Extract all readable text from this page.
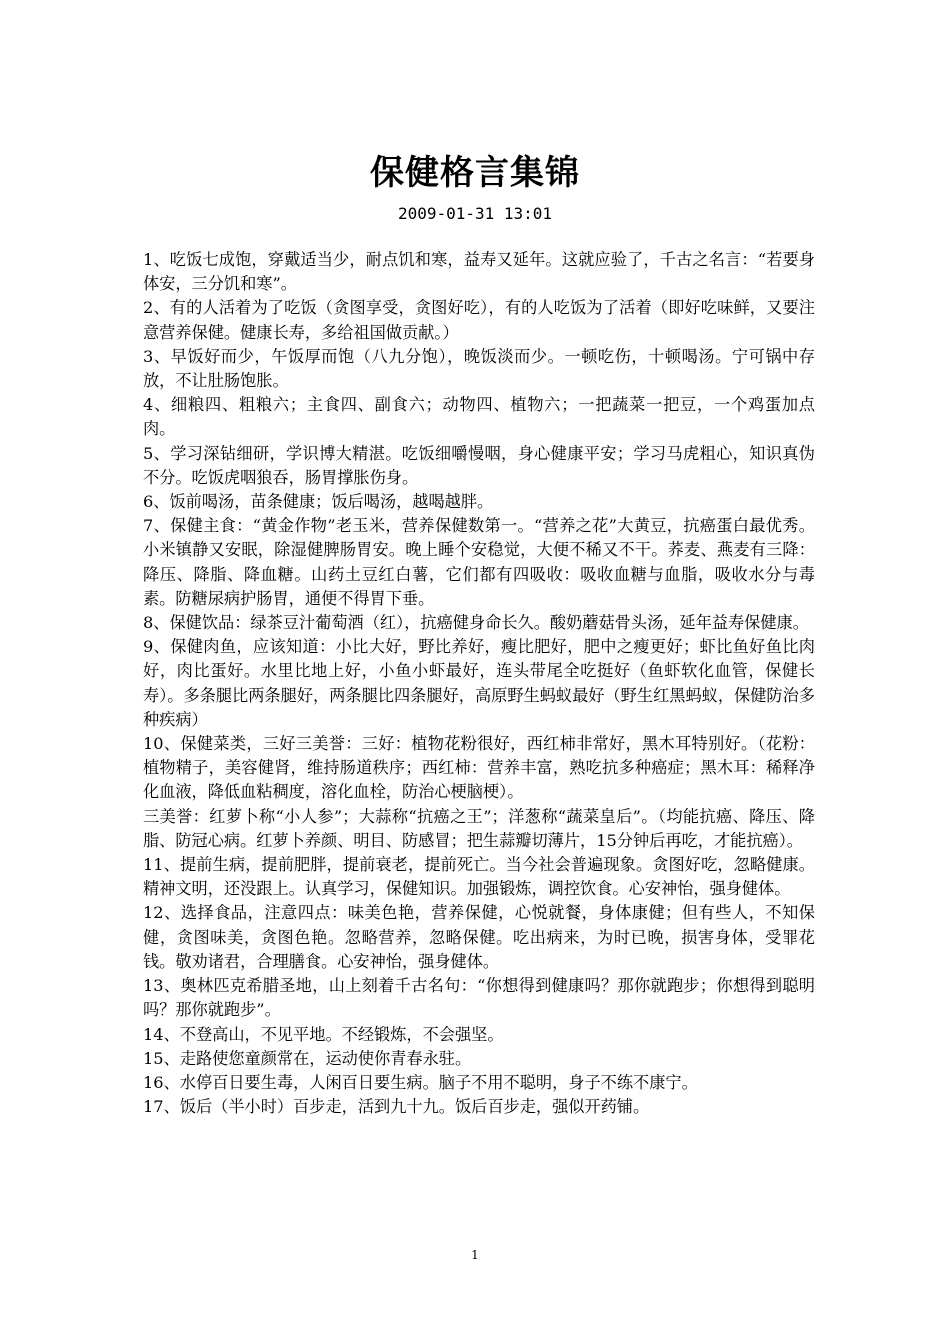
保健格言集锦
2009-01-31 13:01

1、吃饭七成饱，穿戴适当少，耐点饥和寒，益寿又延年。这就应验了，千古之名言：“若要身体安，三分饥和寒”。

2、有的人活着为了吃饭（贪图享受，贪图好吃），有的人吃饭为了活着（即好吃味鲜，又要注意营养保健。健康长寿，多给祖国做贡献。）

3、早饭好而少，午饭厚而饱（八九分饱），晚饭淡而少。一顿吃伤，十顿喝汤。宁可锅中存放，不让肚肠饱胀。

4、细粮四、粗粮六；主食四、副食六；动物四、植物六；一把蔬菜一把豆，一个鸡蛋加点肉。

5、学习深钻细研，学识博大精湛。吃饭细嚼慢咽，身心健康平安；学习马虎粗心，知识真伪不分。吃饭虎咽狼吞，肠胃撑胀伤身。

6、饭前喝汤，苗条健康；饭后喝汤，越喝越胖。

7、保健主食：“黄金作物”老玉米，营养保健数第一。“营养之花”大黄豆，抗癌蛋白最优秀。小米镇静又安眠，除湿健脾肠胃安。晚上睡个安稳觉，大便不稀又不干。荞麦、燕麦有三降：降压、降脂、降血糖。山药土豆红白薯，它们都有四吸收：吸收血糖与血脂，吸收水分与毒素。防糖尿病护肠胃，通便不得胃下垂。

8、保健饮品：绿茶豆汁葡萄酒（红），抗癌健身命长久。酸奶蘑菇骨头汤，延年益寿保健康。

9、保健肉鱼，应该知道：小比大好，野比养好，瘦比肥好，肥中之瘦更好；虾比鱼好鱼比肉好，肉比蛋好。水里比地上好，小鱼小虾最好，连头带尾全吃挺好（鱼虾软化血管，保健长寿）。多条腿比两条腿好，两条腿比四条腿好，高原野生蚂蚁最好（野生红黑蚂蚁，保健防治多种疾病）

10、保健菜类，三好三美誉：三好：植物花粉很好，西红柿非常好，黑木耳特别好。（花粉：植物精子，美容健肾，维持肠道秩序；西红柿：营养丰富，熟吃抗多种癌症；黑木耳：稀释净化血液，降低血粘稠度，溶化血栓，防治心梗脑梗）。

三美誉：红萝卜称“小人参”；大蒜称“抗癌之王”；洋葱称“蔬菜皇后”。（均能抗癌、降压、降脂、防冠心病。红萝卜养颜、明目、防感冒；把生蒜瓣切薄片，15分钟后再吃，才能抗癌）。

11、提前生病，提前肥胖，提前衰老，提前死亡。当今社会普遍现象。贪图好吃，忽略健康。精神文明，还没跟上。认真学习，保健知识。加强锻炼，调控饮食。心安神怡，强身健体。

12、选择食品，注意四点：味美色艳，营养保健，心悦就餐，身体康健；但有些人，不知保健，贪图味美，贪图色艳。忽略营养，忽略保健。吃出病来，为时已晚，损害身体，受罪花钱。敬劝诸君，合理膳食。心安神怡，强身健体。

13、奥林匹克希腊圣地，山上刻着千古名句：“你想得到健康吗？那你就跑步；你想得到聪明吗？那你就跑步”。

14、不登高山，不见平地。不经锻炼，不会强坚。

15、走路使您童颜常在，运动使你青春永驻。

16、水停百日要生毒，人闲百日要生病。脑子不用不聪明，身子不练不康宁。

17、饭后（半小时）百步走，活到九十九。饭后百步走，强似开药铺。

1
